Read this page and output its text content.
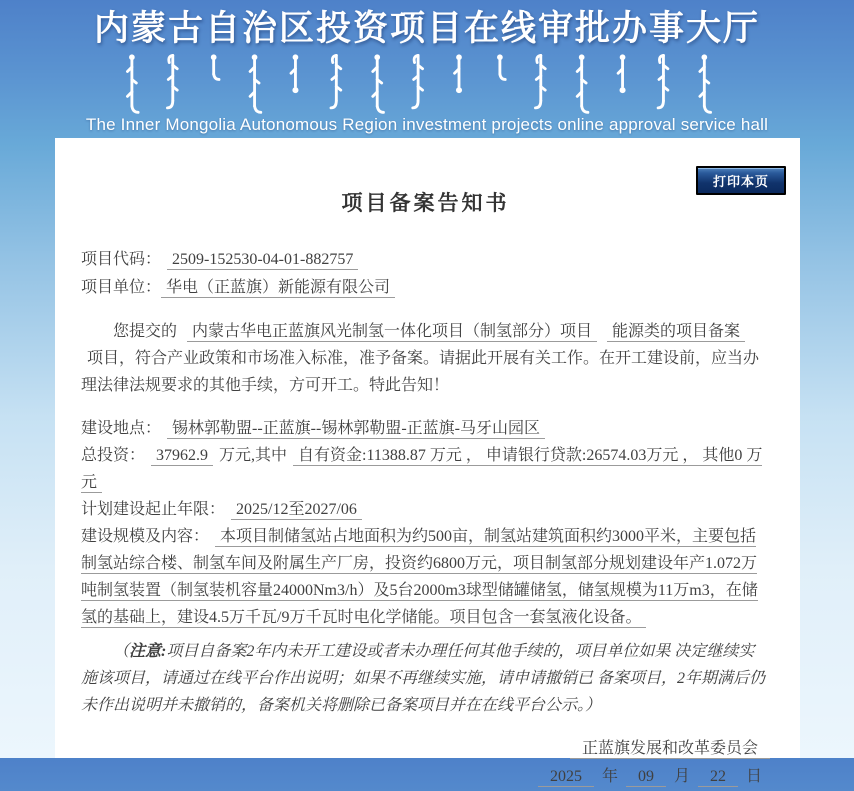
内蒙古自治区投资项目在线审批办事大厅

The Inner Mongolia Autonomous Region investment projects online approval service hall

打印本页
项目备案告知书
项目代码： 2509-152530-04-01-882757
项目单位： 华电（正蓝旗）新能源有限公司

您提交的 内蒙古华电正蓝旗风光制氢一体化项目（制氢部分）项目 能源类的项目备案 项目，符合产业政策和市场准入标准，准予备案。请据此开展有关工作。在开工建设前，应当办理法律法规要求的其他手续，方可开工。特此告知！

建设地点： 锡林郭勒盟--正蓝旗--锡林郭勒盟-正蓝旗-马牙山园区
总投资： 37962.9 万元,其中 自有资金:11388.87 万元 ， 申请银行贷款:26574.03万元 ， 其他0 万元
计划建设起止年限： 2025/12至2027/06
建设规模及内容： 本项目制储氢站占地面积为约500亩，制氢站建筑面积约3000平米，主要包括制氢站综合楼、制氢车间及附属生产厂房，投资约6800万元，项目制氢部分规划建设年产1.072万吨制氢装置（制氢装机容量24000Nm3/h）及5台2000m3球型储罐储氢，储氢规模为11万m3，在储氢的基础上，建设4.5万千瓦/9万千瓦时电化学储能。项目包含一套氢液化设备。

（注意:项目自备案2年内未开工建设或者未办理任何其他手续的，项目单位如果 决定继续实施该项目，请通过在线平台作出说明；如果不再继续实施，请申请撤销已 备案项目，2年期满后仍未作出说明并未撤销的，备案机关将删除已备案项目并在在线平台公示。）

正蓝旗发展和改革委员会
2025 年 09 月 22 日
